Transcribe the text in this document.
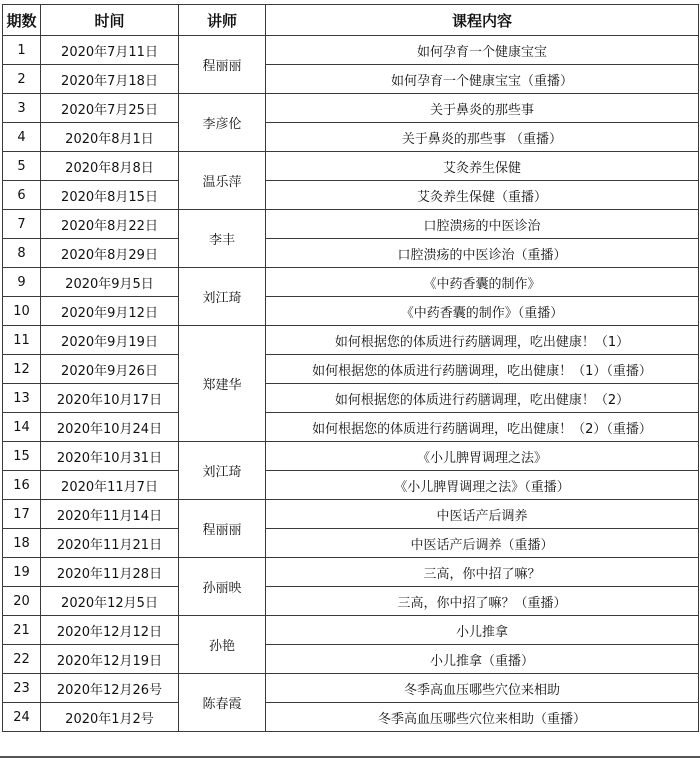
期数	时间	讲师	课程内容
1	2020年7月11日	程丽丽	如何孕育一个健康宝宝
2	2020年7月18日		如何孕育一个健康宝宝（重播）
3	2020年7月25日	李彦伦	关于鼻炎的那些事
4	2020年8月1日		关于鼻炎的那些事 （重播）
5	2020年8月8日	温乐萍	艾灸养生保健
6	2020年8月15日		艾灸养生保健（重播）
7	2020年8月22日	李丰	口腔溃疡的中医诊治
8	2020年8月29日		口腔溃疡的中医诊治（重播）
9	2020年9月5日	刘江琦	《中药香囊的制作》
10	2020年9月12日		《中药香囊的制作》（重播）
11	2020年9月19日	郑建华	如何根据您的体质进行药膳调理，吃出健康！（1）
12	2020年9月26日		如何根据您的体质进行药膳调理，吃出健康！（1）（重播）
13	2020年10月17日		如何根据您的体质进行药膳调理，吃出健康！（2）
14	2020年10月24日		如何根据您的体质进行药膳调理，吃出健康！（2）（重播）
15	2020年10月31日	刘江琦	《小儿脾胃调理之法》
16	2020年11月7日		《小儿脾胃调理之法》（重播）
17	2020年11月14日	程丽丽	中医话产后调养
18	2020年11月21日		中医话产后调养（重播）
19	2020年11月28日	孙丽映	三高，你中招了嘛？
20	2020年12月5日		三高，你中招了嘛？（重播）
21	2020年12月12日	孙艳	小儿推拿
22	2020年12月19日		小儿推拿（重播）
23	2020年12月26号	陈春霞	冬季高血压哪些穴位来相助
24	2020年1月2号		冬季高血压哪些穴位来相助（重播）
